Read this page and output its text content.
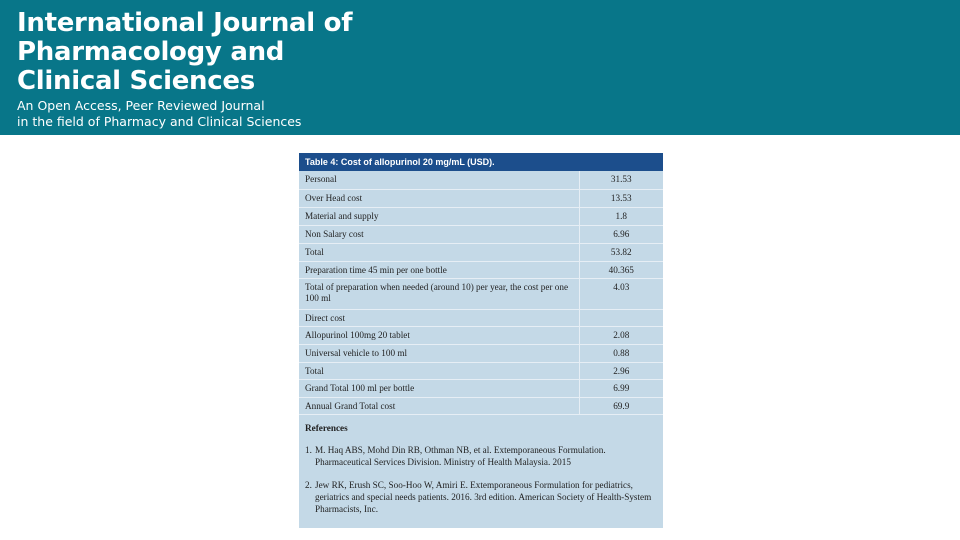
International Journal of
Pharmacology and
Clinical Sciences
An Open Access, Peer Reviewed Journal
in the field of Pharmacy and Clinical Sciences
Table 4: Cost of allopurinol 20 mg/mL (USD).
Personal	31.53
Over Head cost	13.53
Material and supply	1.8
Non Salary cost	6.96
Total	53.82
Preparation time 45 min per one bottle	40.365
Total of preparation when needed (around 10) per year, the cost per one 100 ml	4.03
Direct cost	
Allopurinol 100mg 20 tablet	2.08
Universal vehicle to 100 ml	0.88
Total	2.96
Grand Total 100 ml per bottle	6.99
Annual Grand Total cost	69.9
References
1. M. Haq ABS, Mohd Din RB, Othman NB, et al. Extemporaneous Formulation. Pharmaceutical Services Division. Ministry of Health Malaysia. 2015
2. Jew RK, Erush SC, Soo-Hoo W, Amiri E. Extemporaneous Formulation for pediatrics, geriatrics and special needs patients. 2016. 3rd edition. American Society of Health-System Pharmacists, Inc.
